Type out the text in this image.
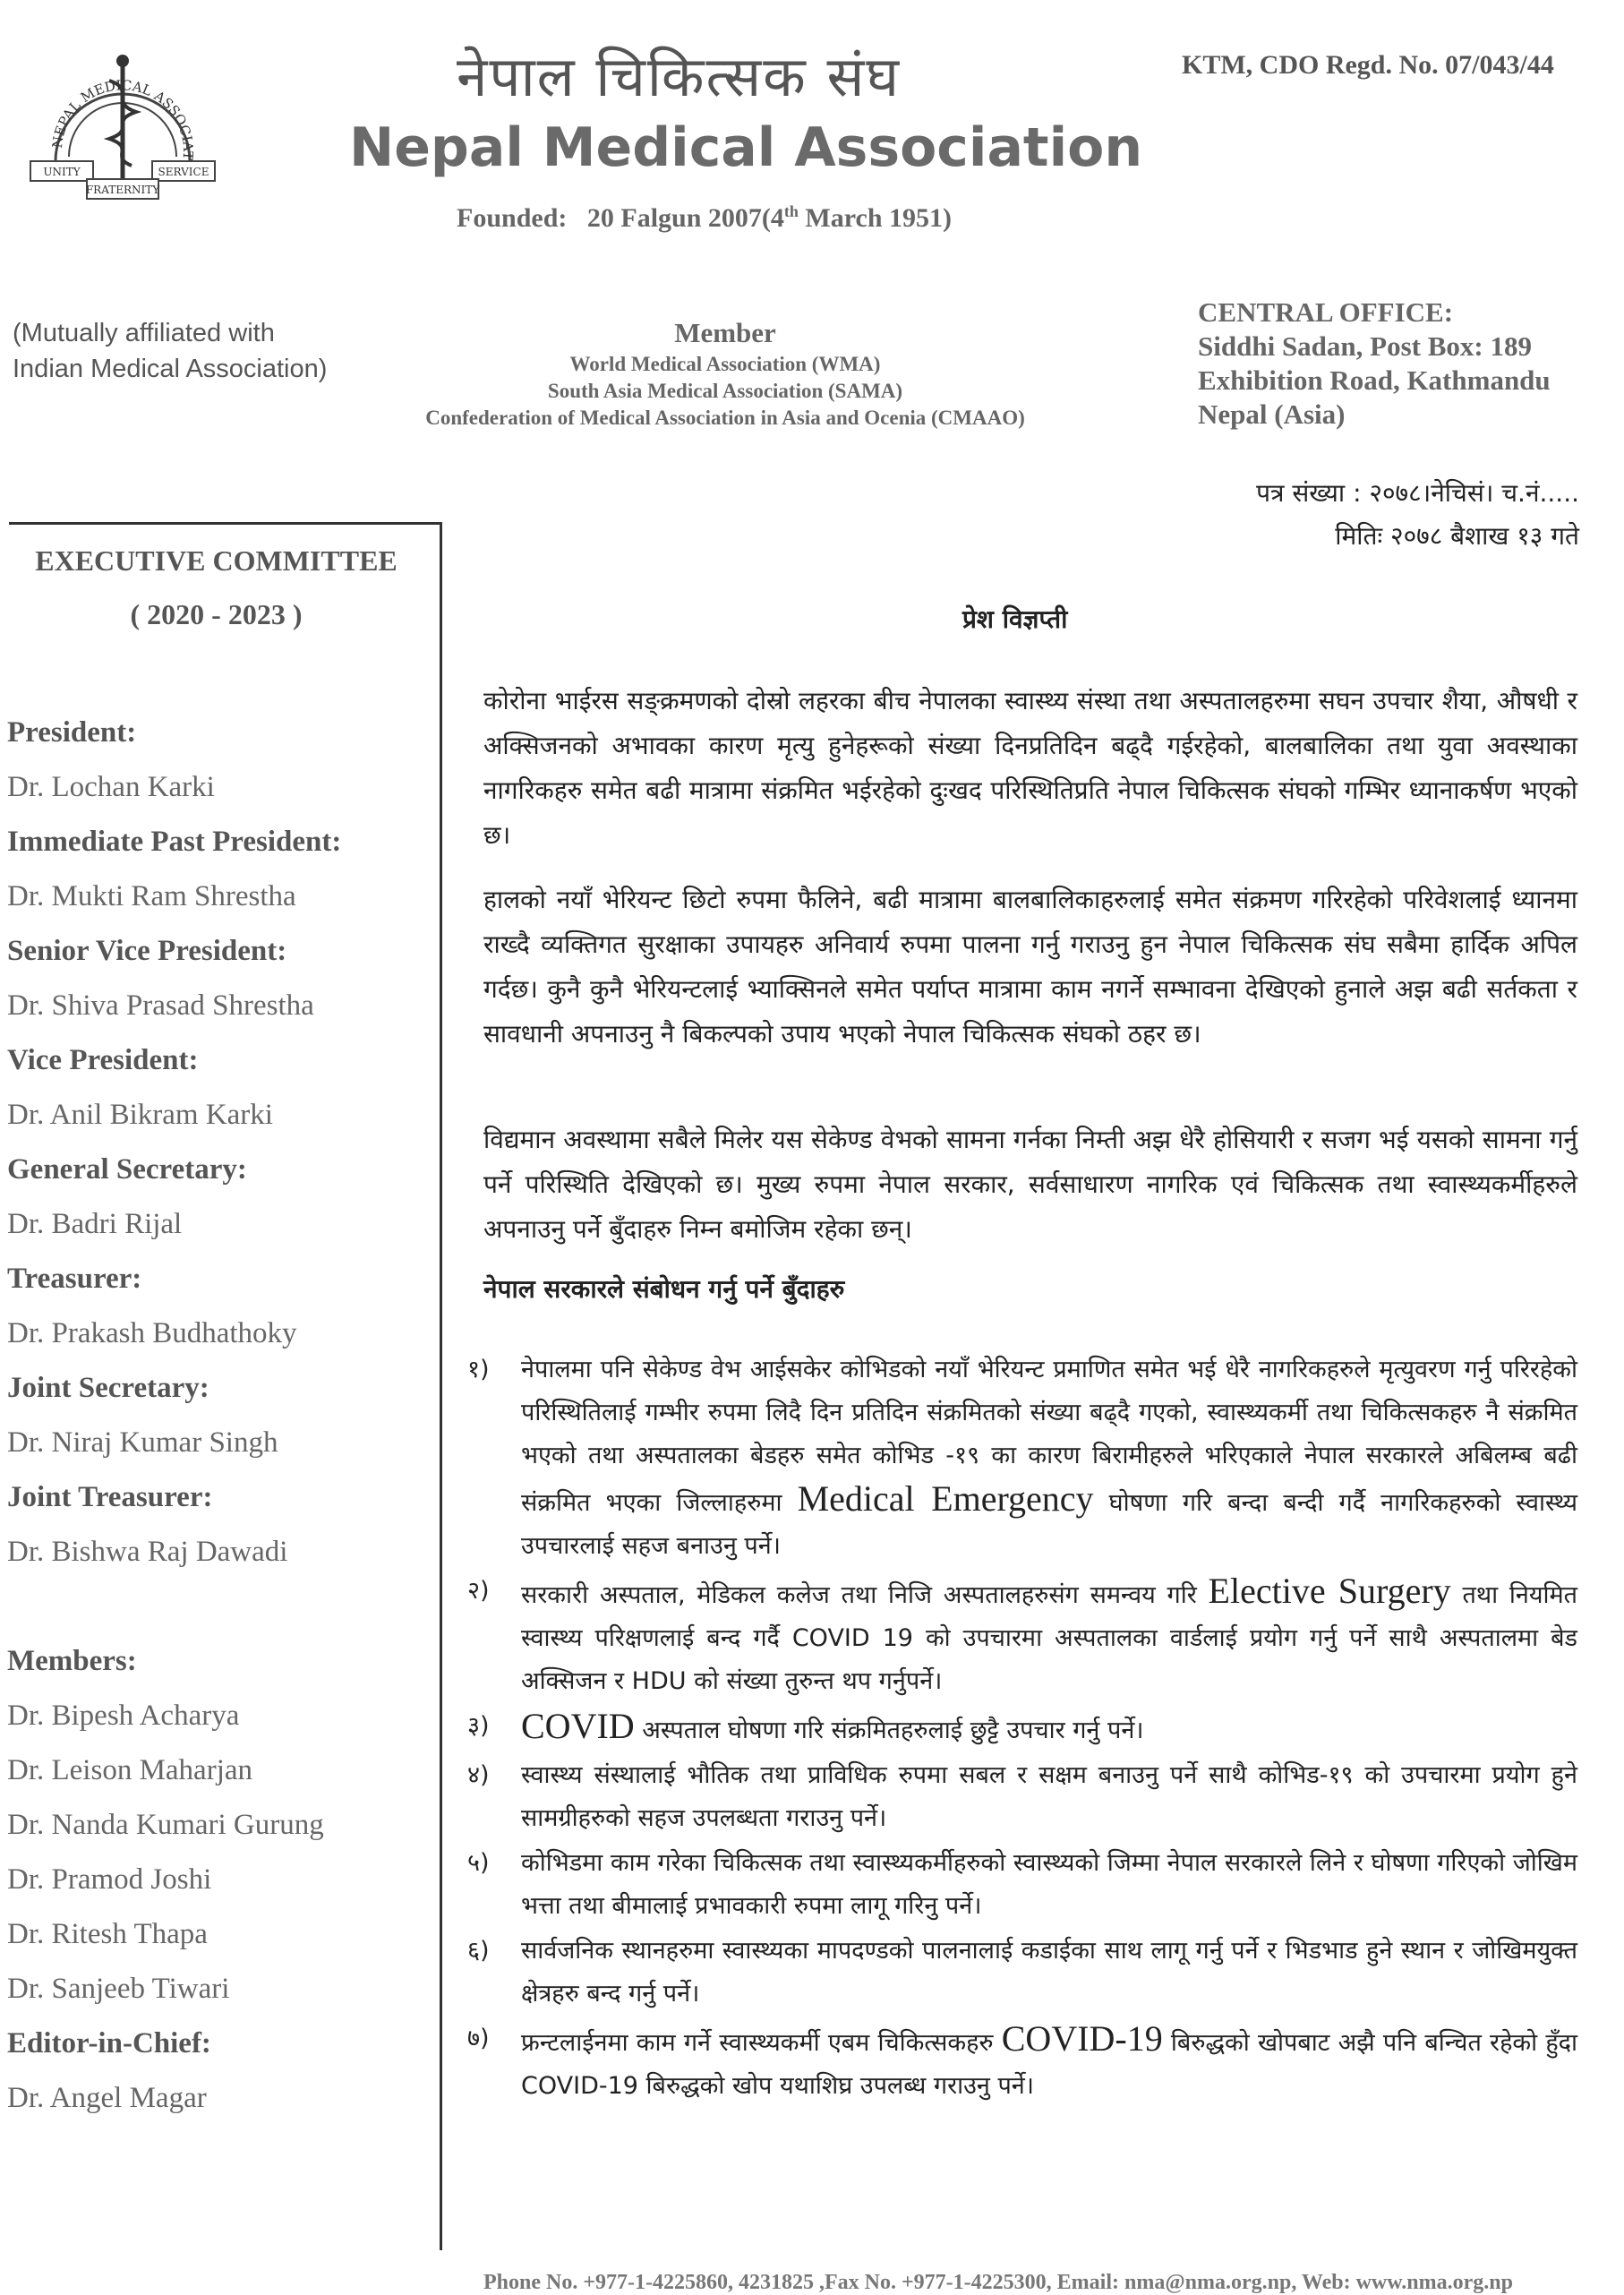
NEPAL MEDICAL ASSOCIAT
UNITY	SERVICE
FRATERNITY
नेपाल चिकित्सक संघ
Nepal Medical Association
Founded: 20 Falgun 2007(4th March 1951)
KTM, CDO Regd. No. 07/043/44
(Mutually affiliated with
Indian Medical Association)
Member
World Medical Association (WMA)
South Asia Medical Association (SAMA)
Confederation of Medical Association in Asia and Ocenia (CMAAO)
CENTRAL OFFICE:
Siddhi Sadan, Post Box: 189
Exhibition Road, Kathmandu
Nepal (Asia)
EXECUTIVE COMMITTEE
( 2020 - 2023 )
President:
Dr. Lochan Karki
Immediate Past President:
Dr. Mukti Ram Shrestha
Senior Vice President:
Dr. Shiva Prasad Shrestha
Vice President:
Dr. Anil Bikram Karki
General Secretary:
Dr. Badri Rijal
Treasurer:
Dr. Prakash Budhathoky
Joint Secretary:
Dr. Niraj Kumar Singh
Joint Treasurer:
Dr. Bishwa Raj Dawadi
Members:
Dr. Bipesh Acharya
Dr. Leison Maharjan
Dr. Nanda Kumari Gurung
Dr. Pramod Joshi
Dr. Ritesh Thapa
Dr. Sanjeeb Tiwari
Editor-in-Chief:
Dr. Angel Magar
पत्र संख्या : २०७८।नेचिसं। च.नं.....
मितिः २०७८ बैशाख १३ गते
प्रेश विज्ञप्ती
कोरोना भाईरस सङ्क्रमणको दोस्रो लहरका बीच नेपालका स्वास्थ्य संस्था तथा अस्पतालहरुमा सघन उपचार शैया, औषधी र अक्सिजनको अभावका कारण मृत्यु हुनेहरूको संख्या दिनप्रतिदिन बढ्दै गईरहेको, बालबालिका तथा युवा अवस्थाका नागरिकहरु समेत बढी मात्रामा संक्रमित भईरहेको दुःखद परिस्थितिप्रति नेपाल चिकित्सक संघको गम्भिर ध्यानाकर्षण भएको छ।
हालको नयाँ भेरियन्ट छिटो रुपमा फैलिने, बढी मात्रामा बालबालिकाहरुलाई समेत संक्रमण गरिरहेको परिवेशलाई ध्यानमा राख्दै व्यक्तिगत सुरक्षाका उपायहरु अनिवार्य रुपमा पालना गर्नु गराउनु हुन नेपाल चिकित्सक संघ सबैमा हार्दिक अपिल गर्दछ। कुनै कुनै भेरियन्टलाई भ्याक्सिनले समेत पर्याप्त मात्रामा काम नगर्ने सम्भावना देखिएको हुनाले अझ बढी सर्तकता र सावधानी अपनाउनु नै बिकल्पको उपाय भएको नेपाल चिकित्सक संघको ठहर छ।
विद्यमान अवस्थामा सबैले मिलेर यस सेकेण्ड वेभको सामना गर्नका निम्ती अझ धेरै होसियारी र सजग भई यसको सामना गर्नु पर्ने परिस्थिति देखिएको छ। मुख्य रुपमा नेपाल सरकार, सर्वसाधारण नागरिक एवं चिकित्सक तथा स्वास्थ्यकर्मीहरुले अपनाउनु पर्ने बुँदाहरु निम्न बमोजिम रहेका छन्।
नेपाल सरकारले संबोधन गर्नु पर्ने बुँदाहरु
१)	नेपालमा पनि सेकेण्ड वेभ आईसकेर कोभिडको नयाँ भेरियन्ट प्रमाणित समेत भई धेरै नागरिकहरुले मृत्युवरण गर्नु परिरहेको परिस्थितिलाई गम्भीर रुपमा लिदै दिन प्रतिदिन संक्रमितको संख्या बढ्दै गएको, स्वास्थ्यकर्मी तथा चिकित्सकहरु नै संक्रमित भएको तथा अस्पतालका बेडहरु समेत कोभिड -१९ का कारण बिरामीहरुले भरिएकाले नेपाल सरकारले अबिलम्ब बढी संक्रमित भएका जिल्लाहरुमा Medical Emergency घोषणा गरि बन्दा बन्दी गर्दै नागरिकहरुको स्वास्थ्य उपचारलाई सहज बनाउनु पर्ने।
२)	सरकारी अस्पताल, मेडिकल कलेज तथा निजि अस्पतालहरुसंग समन्वय गरि Elective Surgery तथा नियमित स्वास्थ्य परिक्षणलाई बन्द गर्दै COVID 19 को उपचारमा अस्पतालका वार्डलाई प्रयोग गर्नु पर्ने साथै अस्पतालमा बेड अक्सिजन र HDU को संख्या तुरुन्त थप गर्नुपर्ने।
३) COVID अस्पताल घोषणा गरि संक्रमितहरुलाई छुट्टै उपचार गर्नु पर्ने।
४)	स्वास्थ्य संस्थालाई भौतिक तथा प्राविधिक रुपमा सबल र सक्षम बनाउनु पर्ने साथै कोभिड-१९ को उपचारमा प्रयोग हुने सामग्रीहरुको सहज उपलब्धता गराउनु पर्ने।
५)	कोभिडमा काम गरेका चिकित्सक तथा स्वास्थ्यकर्मीहरुको स्वास्थ्यको जिम्मा नेपाल सरकारले लिने र घोषणा गरिएको जोखिम भत्ता तथा बीमालाई प्रभावकारी रुपमा लागू गरिनु पर्ने।
६)	सार्वजनिक स्थानहरुमा स्वास्थ्यका मापदण्डको पालनालाई कडाईका साथ लागू गर्नु पर्ने र भिडभाड हुने स्थान र जोखिमयुक्त क्षेत्रहरु बन्द गर्नु पर्ने।
७)	फ्रन्टलाईनमा काम गर्ने स्वास्थ्यकर्मी एबम चिकित्सकहरु COVID-19 बिरुद्धको खोपबाट अझै पनि बन्चित रहेको हुँदा COVID-19 बिरुद्धको खोप यथाशिघ्र उपलब्ध गराउनु पर्ने।
Phone No. +977-1-4225860, 4231825 ,Fax No. +977-1-4225300, Email: nma@nma.org.np, Web: www.nma.org.np
